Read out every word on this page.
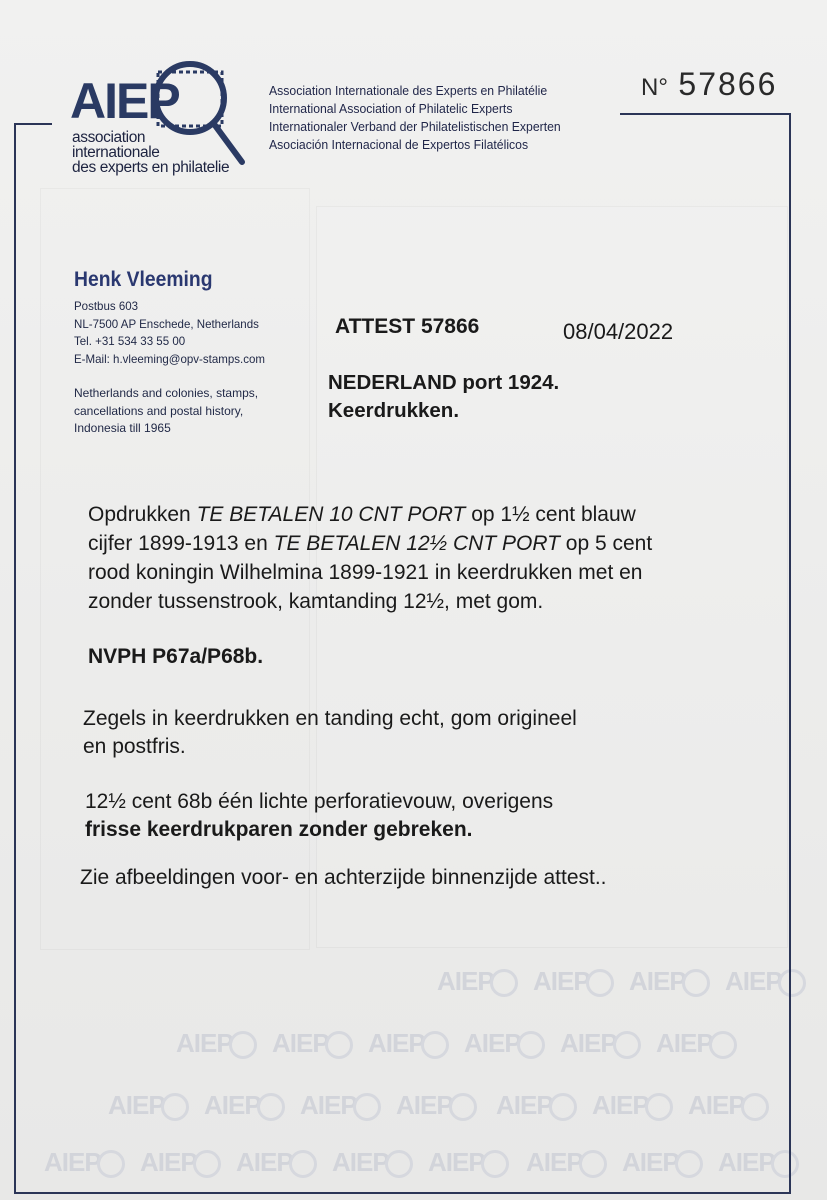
AIEP	AIEP	AIEP	AIEP
AIEP	AIEP	AIEP	AIEP	AIEP	AIEP
AIEP	AIEP	AIEP	AIEP	AIEP	AIEP	AIEP
AIEP	AIEP	AIEP	AIEP	AIEP	AIEP	AIEP	AIEP
AIEP
association
internationale
des experts en philatelie
Association Internationale des Experts en Philatélie
International Association of Philatelic Experts
Internationaler Verband der Philatelistischen Experten
Asociación Internacional de Expertos Filatélicos
N° 57866
Henk Vleeming
Postbus 603
NL-7500 AP Enschede, Netherlands
Tel. +31 534 33 55 00
E-Mail: h.vleeming@opv-stamps.com
Netherlands and colonies, stamps,
cancellations and postal history,
Indonesia till 1965
ATTEST 57866	08/04/2022
NEDERLAND port 1924.
Keerdrukken.

Opdrukken TE BETALEN 10 CNT PORT op 1½ cent blauw

cijfer 1899-1913 en TE BETALEN 12½ CNT PORT op 5 cent

rood koningin Wilhelmina 1899-1921 in keerdrukken met en

zonder tussenstrook, kamtanding 12½, met gom.

NVPH P67a/P68b.
Zegels in keerdrukken en tanding echt, gom origineel
en postfris.
12½ cent 68b één lichte perforatievouw, overigens
frisse keerdrukparen zonder gebreken.
Zie afbeeldingen voor- en achterzijde binnenzijde attest..
